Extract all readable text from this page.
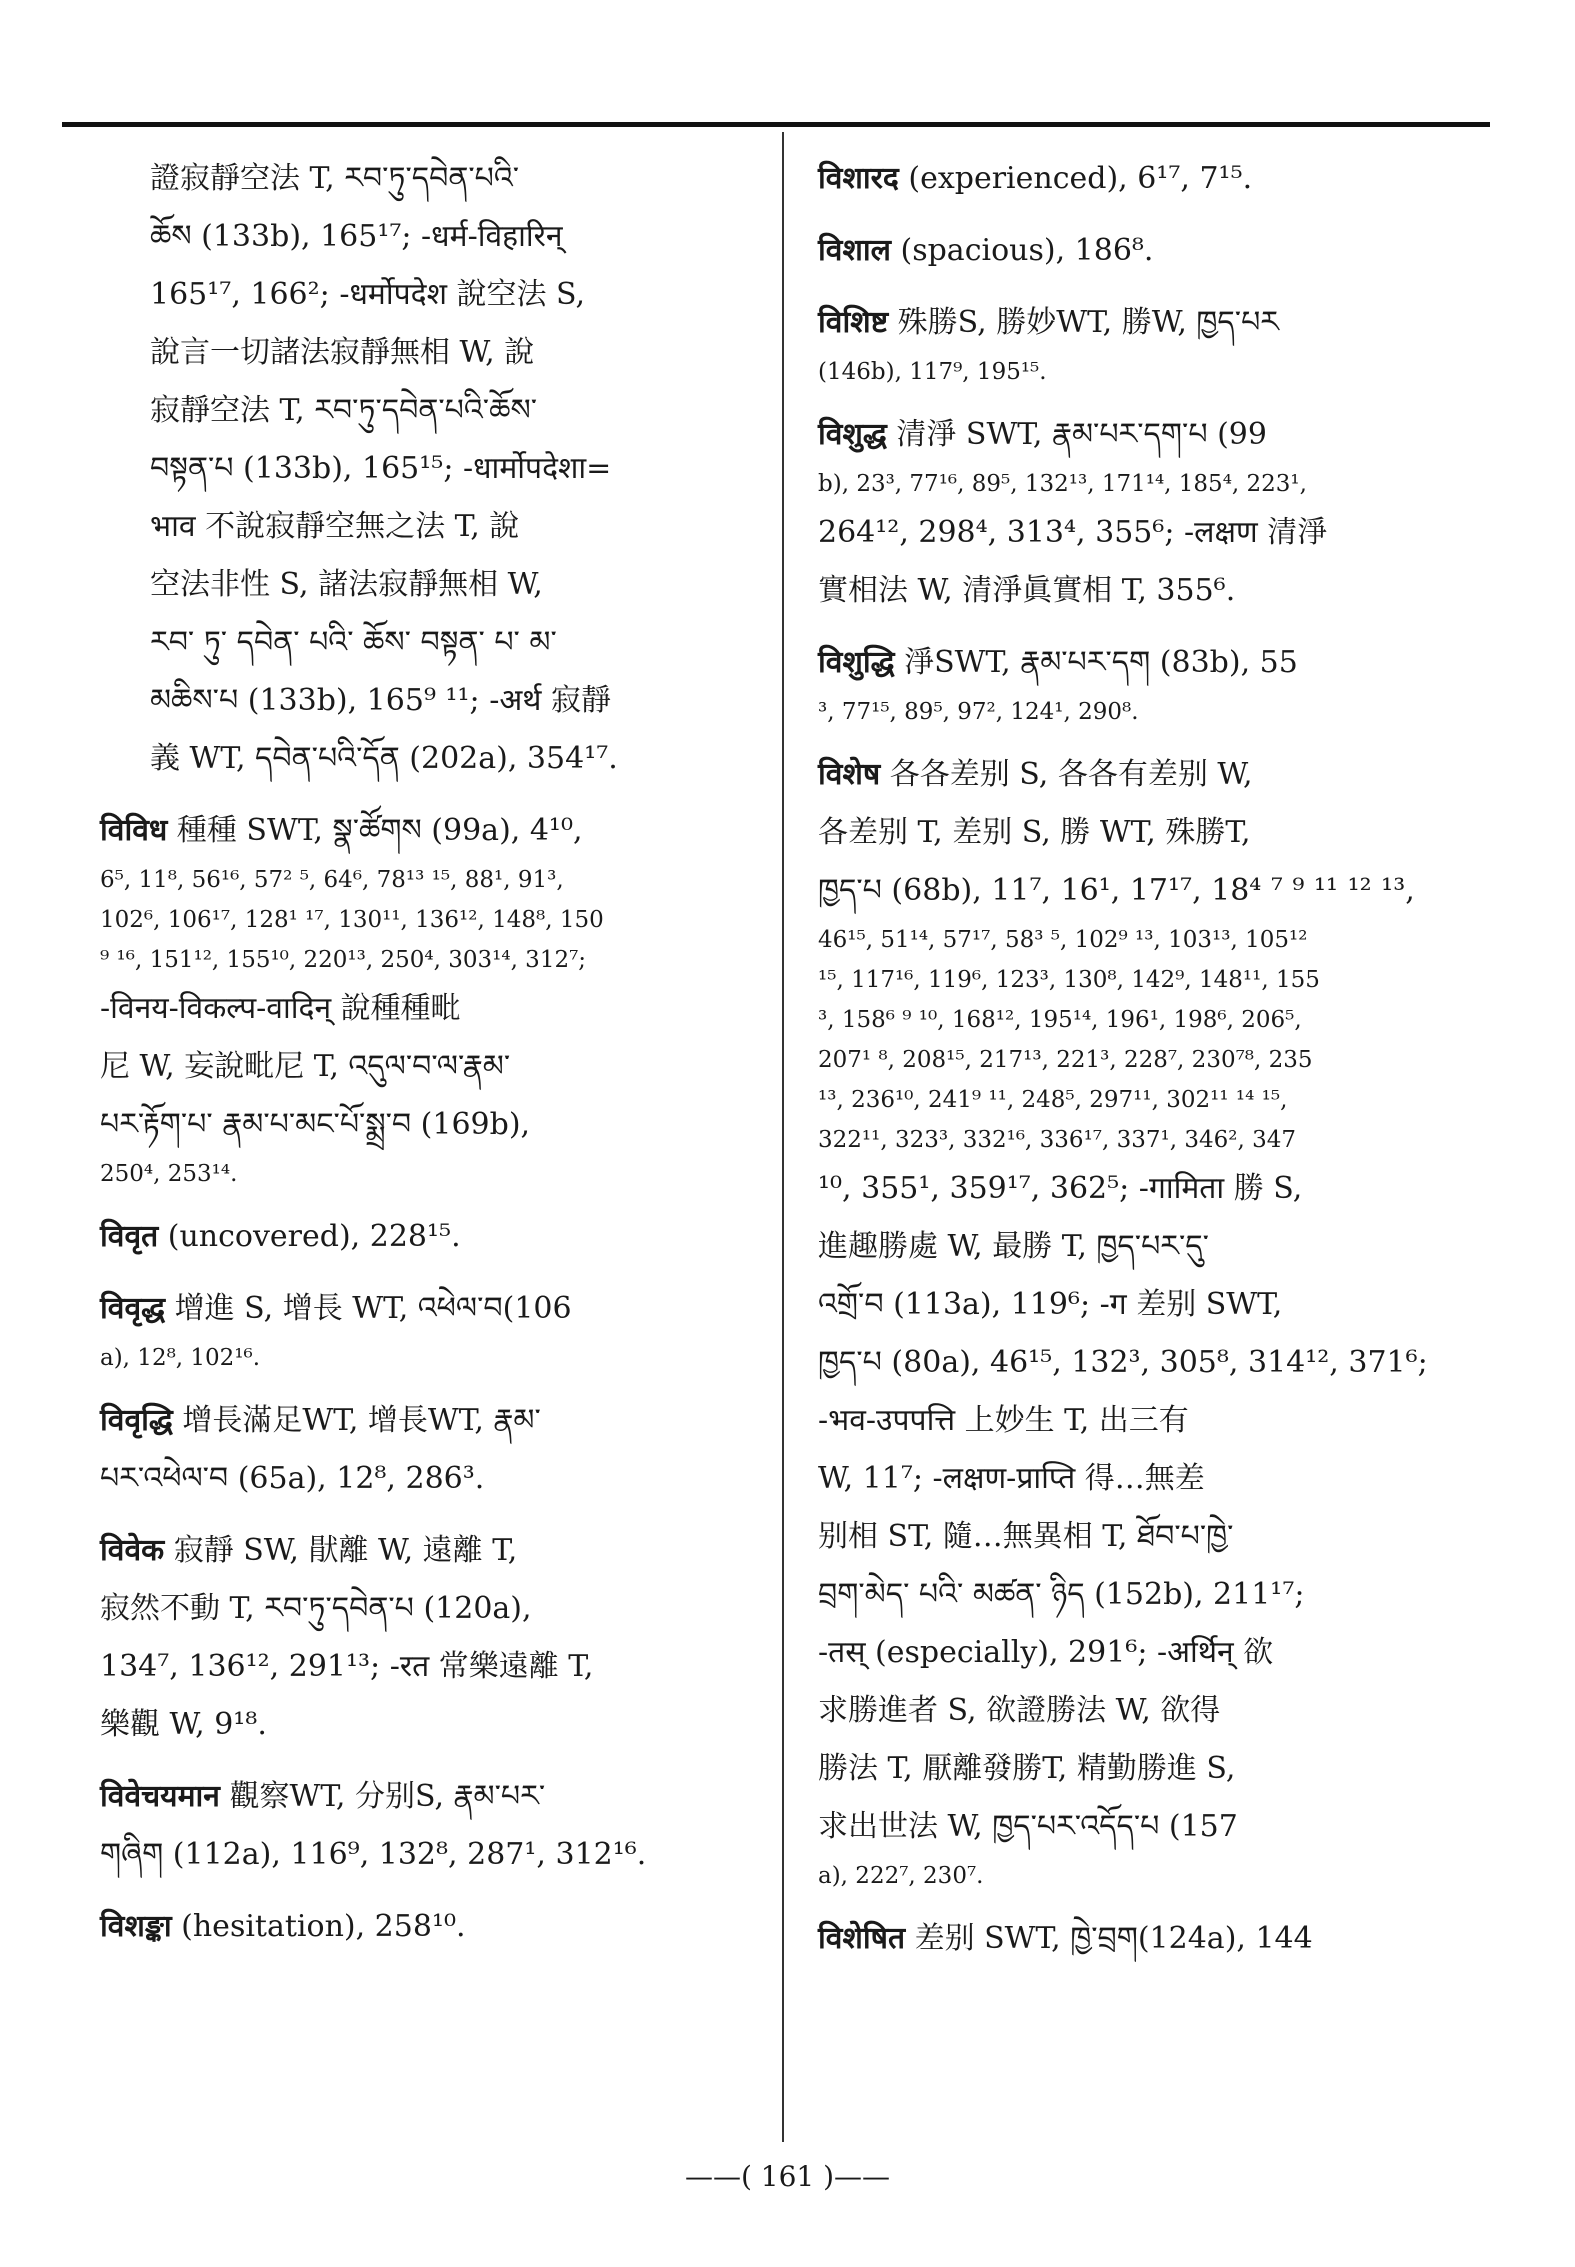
證寂靜空法 T, རབ་ཏུ་དབེན་པའི་
ཆོས (133b), 165¹⁷; -धर्म-विहारिन्
165¹⁷, 166²; -धर्मोपदेश 說空法 S,
說言一切諸法寂靜無相 W, 說
寂靜空法 T, རབ་ཏུ་དབེན་པའི་ཆོས་
བསྟན་པ (133b), 165¹⁵; -धार्मोपदेशा=
भाव 不說寂靜空無之法 T, 說
空法非性 S, 諸法寂靜無相 W,
རབ་ ཏུ་ དབེན་ པའི་ ཆོས་ བསྟན་ པ་ མ་
མཆིས་པ (133b), 165⁹ ¹¹; -अर्थ 寂靜
義 WT, དབེན་པའི་དོན (202a), 354¹⁷.
विविध 種種 SWT, སྣ་ཚོགས (99a), 4¹⁰,
6⁵, 11⁸, 56¹⁶, 57² ⁵, 64⁶, 78¹³ ¹⁵, 88¹, 91³,
102⁶, 106¹⁷, 128¹ ¹⁷, 130¹¹, 136¹², 148⁸, 150
⁹ ¹⁶, 151¹², 155¹⁰, 220¹³, 250⁴, 303¹⁴, 312⁷;
-विनय-विकल्प-वादिन् 說種種毗
尼 W, 妄說毗尼 T, འདུལ་བ་ལ་རྣམ་
པར་རྟོག་པ་ རྣམ་པ་མང་པོ་སྨྲ་བ (169b),
250⁴, 253¹⁴.
विवृत (uncovered), 228¹⁵.
विवृद्ध 增進 S, 增長 WT, འཕེལ་བ(106
a), 12⁸, 102¹⁶.
विवृद्धि 增長滿足WT, 增長WT, རྣམ་
པར་འཕེལ་བ (65a), 12⁸, 286³.
विवेक 寂靜 SW, 猒離 W, 遠離 T,
寂然不動 T, རབ་ཏུ་དབེན་པ (120a),
134⁷, 136¹², 291¹³; -रत 常樂遠離 T,
樂觀 W, 9¹⁸.
विवेचयमान 觀察WT, 分别S, རྣམ་པར་
གཞིག (112a), 116⁹, 132⁸, 287¹, 312¹⁶.
विशङ्का (hesitation), 258¹⁰.
विशारद (experienced), 6¹⁷, 7¹⁵.
विशाल (spacious), 186⁸.
विशिष्ट 殊勝S, 勝妙WT, 勝W, ཁྱད་པར
(146b), 117⁹, 195¹⁵.
विशुद्ध 清淨 SWT, རྣམ་པར་དག་པ (99
b), 23³, 77¹⁶, 89⁵, 132¹³, 171¹⁴, 185⁴, 223¹,
264¹², 298⁴, 313⁴, 355⁶; -लक्षण 清淨
實相法 W, 清淨眞實相 T, 355⁶.
विशुद्धि 淨SWT, རྣམ་པར་དག (83b), 55
³, 77¹⁵, 89⁵, 97², 124¹, 290⁸.
विशेष 各各差别 S, 各各有差别 W,
各差别 T, 差别 S, 勝 WT, 殊勝T,
ཁྱད་པ (68b), 11⁷, 16¹, 17¹⁷, 18⁴ ⁷ ⁹ ¹¹ ¹² ¹³,
46¹⁵, 51¹⁴, 57¹⁷, 58³ ⁵, 102⁹ ¹³, 103¹³, 105¹²
¹⁵, 117¹⁶, 119⁶, 123³, 130⁸, 142⁹, 148¹¹, 155
³, 158⁶ ⁹ ¹⁰, 168¹², 195¹⁴, 196¹, 198⁶, 206⁵,
207¹ ⁸, 208¹⁵, 217¹³, 221³, 228⁷, 230⁷⁸, 235
¹³, 236¹⁰, 241⁹ ¹¹, 248⁵, 297¹¹, 302¹¹ ¹⁴ ¹⁵,
322¹¹, 323³, 332¹⁶, 336¹⁷, 337¹, 346², 347
¹⁰, 355¹, 359¹⁷, 362⁵; -गामिता 勝 S,
進趣勝處 W, 最勝 T, ཁྱད་པར་དུ་
འགྲོ་བ (113a), 119⁶; -ग 差别 SWT,
ཁྱད་པ (80a), 46¹⁵, 132³, 305⁸, 314¹², 371⁶;
-भव-उपपत्ति 上妙生 T, 出三有
W, 11⁷; -लक्षण-प्राप्ति 得…無差
别相 ST, 隨…無異相 T, ཐོབ་པ་ཁྱེ་
བྲག་མེད་ པའི་ མཚན་ ཉིད (152b), 211¹⁷;
-तस् (especially), 291⁶; -अर्थिन् 欲
求勝進者 S, 欲證勝法 W, 欲得
勝法 T, 厭離發勝T, 精勤勝進 S,
求出世法 W, ཁྱད་པར་འདོད་པ (157
a), 222⁷, 230⁷.
विशेषित 差别 SWT, ཁྱེ་བྲག(124a), 144
——( 161 )——
